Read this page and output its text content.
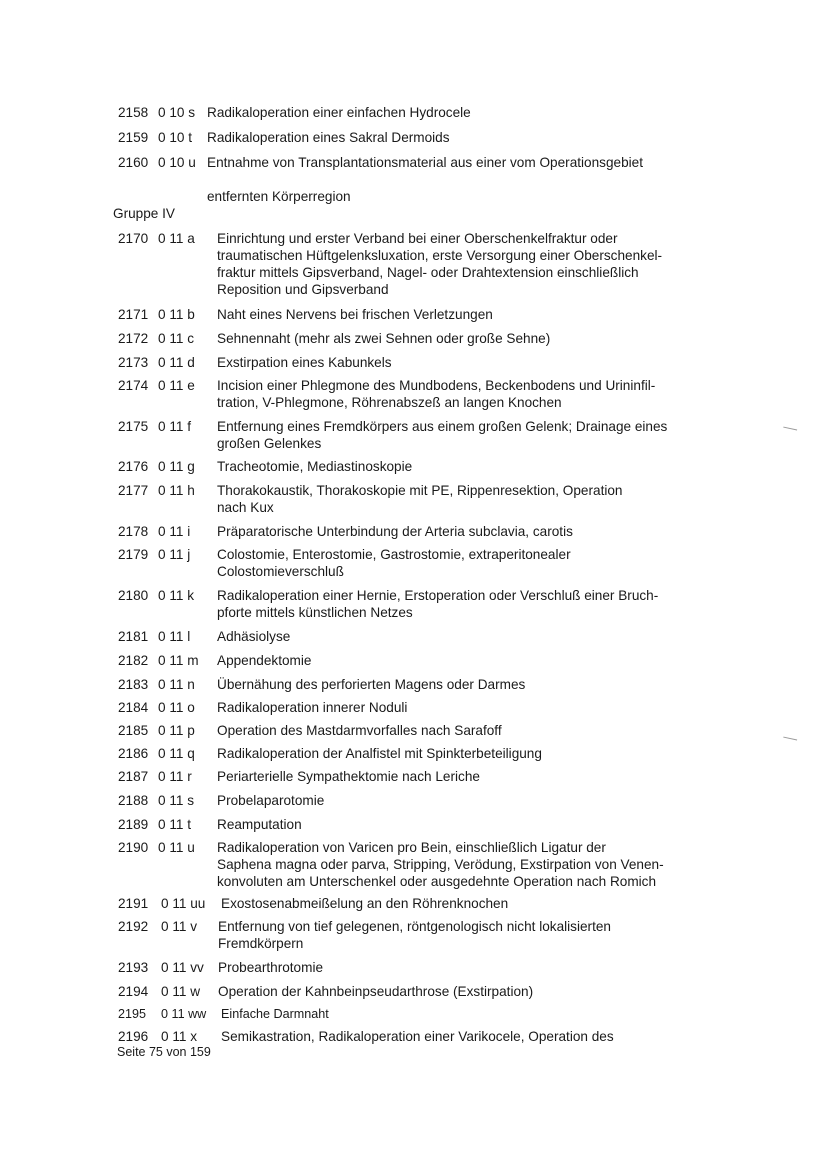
2158 0 10 s Radikaloperation einer einfachen Hydrocele
2159 0 10 t Radikaloperation eines Sakral Dermoids
2160 0 10 u Entnahme von Transplantationsmaterial aus einer vom Operationsgebiet

entfernten Körperregion
2170 0 11 a Einrichtung und erster Verband bei einer Oberschenkelfraktur oder
traumatischen Hüftgelenksluxation, erste Versorgung einer Oberschenkel-
fraktur mittels Gipsverband, Nagel- oder Drahtextension einschließlich
Reposition und Gipsverband
2171 0 11 b Naht eines Nervens bei frischen Verletzungen
2172 0 11 c Sehnennaht (mehr als zwei Sehnen oder große Sehne)
2173 0 11 d Exstirpation eines Kabunkels
2174 0 11 e Incision einer Phlegmone des Mundbodens, Beckenbodens und Urininfil-
tration, V-Phlegmone, Röhrenabszeß an langen Knochen
2175 0 11 f Entfernung eines Fremdkörpers aus einem großen Gelenk; Drainage eines
großen Gelenkes
2176 0 11 g Tracheotomie, Mediastinoskopie
2177 0 11 h Thorakokaustik, Thorakoskopie mit PE, Rippenresektion, Operation
nach Kux
2178 0 11 i Präparatorische Unterbindung der Arteria subclavia, carotis
2179 0 11 j Colostomie, Enterostomie, Gastrostomie, extraperitonealer
Colostomieverschluß
2180 0 11 k Radikaloperation einer Hernie, Erstoperation oder Verschluß einer Bruch-
pforte mittels künstlichen Netzes
2181 0 11 l Adhäsiolyse
2182 0 11 m Appendektomie
2183 0 11 n Übernähung des perforierten Magens oder Darmes
2184 0 11 o Radikaloperation innerer Noduli
2185 0 11 p Operation des Mastdarmvorfalles nach Sarafoff
2186 0 11 q Radikaloperation der Analfistel mit Spinkterbeteiligung
2187 0 11 r Periarterielle Sympathektomie nach Leriche
2188 0 11 s Probelaparotomie
2189 0 11 t Reamputation
2190 0 11 u Radikaloperation von Varicen pro Bein, einschließlich Ligatur der
Saphena magna oder parva, Stripping, Verödung, Exstirpation von Venen-
konvoluten am Unterschenkel oder ausgedehnte Operation nach Romich
2191 0 11 uu Exostosenabmeißelung an den Röhrenknochen
2192 0 11 v Entfernung von tief gelegenen, röntgenologisch nicht lokalisierten
Fremdkörpern
2193 0 11 vv Probearthrotomie
2194 0 11 w Operation der Kahnbeinpseudarthrose (Exstirpation)
2195 0 11 ww Einfache Darmnaht
2196 0 11 x Semikastration, Radikaloperation einer Varikocele, Operation des
Gruppe IV
Seite 75 von 159
